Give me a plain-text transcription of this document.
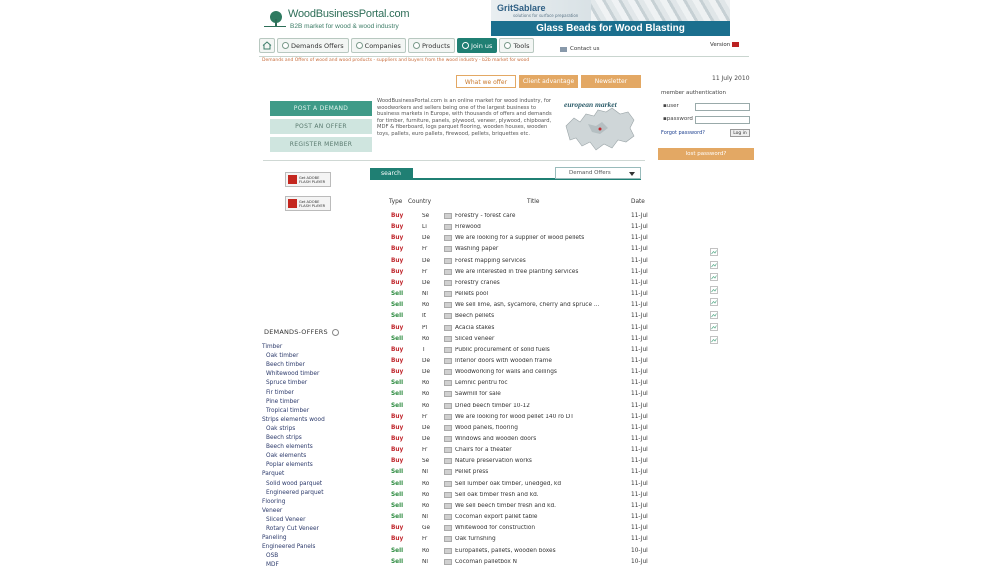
WoodBusinessPortal.com
B2B market for wood & wood industry
GritSablare
solutions for surface preparation
Glass Beads for Wood Blasting
Demands Offers	Companies	Products	Join us	Tools	Contact us
Version
Demands and Offers of wood and wood products - suppliers and buyers from the wood industry - b2b market for wood
What we offer	Client advantage	Newsletter	11 July 2010
POST A DEMAND
POST AN OFFER
REGISTER MEMBER
WoodBusinessPortal.com is an online market for wood industry, for woodworkers and sellers being one of the largest business to business markets in Europe, with thousands of offers and demands for timber, furniture, panels, plywood, veneer, plywood, chipboard, MDF & fiberboard, logs parquet flooring, wooden houses, wooden toys, pallets, euro pallets, firewood, pellets, briquettes etc.
european market
member authentication
▪user
▪password
Forgot password?	Log in
lost password?
Get ADOBE FLASH PLAYER
Get ADOBE FLASH PLAYER
search	Demand Offers
Type Country	Title	Date
Buy	Se	Forestry - forest care	11-Jul
Buy	Li	Firewood	11-Jul
Buy	De	We are looking for a supplier of wood pellets	11-Jul
Buy	Fr	Washing paper	11-Jul
Buy	De	Forest mapping services	11-Jul
Buy	Fr	We are interested in tree planting services	11-Jul
Buy	De	Forestry cranes	11-Jul
Sell	Nl	Pellets pool	11-Jul
Sell	Ro	We sell lime, ash, sycamore, cherry and spruce ...	11-Jul
Sell	It	Beech pellets	11-Jul
Buy	Pl	Acacia stakes	11-Jul
Sell	Ro	Sliced veneer	11-Jul
Buy	T	Public procurement of solid fuels	11-Jul
Buy	De	Interior doors with wooden frame	11-Jul
Buy	De	Woodworking for walls and ceilings	11-Jul
Sell	Ro	Lemnic pentru foc	11-Jul
Sell	Ro	Sawmill for sale	11-Jul
Sell	Ro	Dried beech timber 10-12	11-Jul
Buy	Fr	We are looking for wood pellet 140 ro DT	11-Jul
Buy	De	Wood panels, flooring	11-Jul
Buy	De	Windows and wooden doors	11-Jul
Buy	Fr	Chairs for a theater	11-Jul
Buy	Se	Nature preservation works	11-Jul
Sell	Nl	Pellet press	11-Jul
Sell	Ro	Sell lumber oak timber, unedged, kd	11-Jul
Sell	Ro	Sell oak timber fresh and kd.	11-Jul
Sell	Ro	We sell beech timber fresh and kd.	11-Jul
Sell	Nl	Cocoman export pallet table	11-Jul
Buy	Ge	Whitewood for construction	11-Jul
Buy	Fr	Oak furnshing	11-Jul
Sell	Ro	Europallets, pallets, wooden boxes	10-Jul
Sell	Nl	Cocoman palletbox N	10-Jul
DEMANDS-OFFERS
Timber
Oak timber
Beech timber
Whitewood timber
Spruce timber
Fir timber
Pine timber
Tropical timber
Strips elements wood
Oak strips
Beech strips
Beech elements
Oak elements
Poplar elements
Parquet
Solid wood parquet
Engineered parquet
Flooring
Veneer
Sliced Veneer
Rotary Cut Veneer
Paneling
Engineered Panels
OSB
MDF
